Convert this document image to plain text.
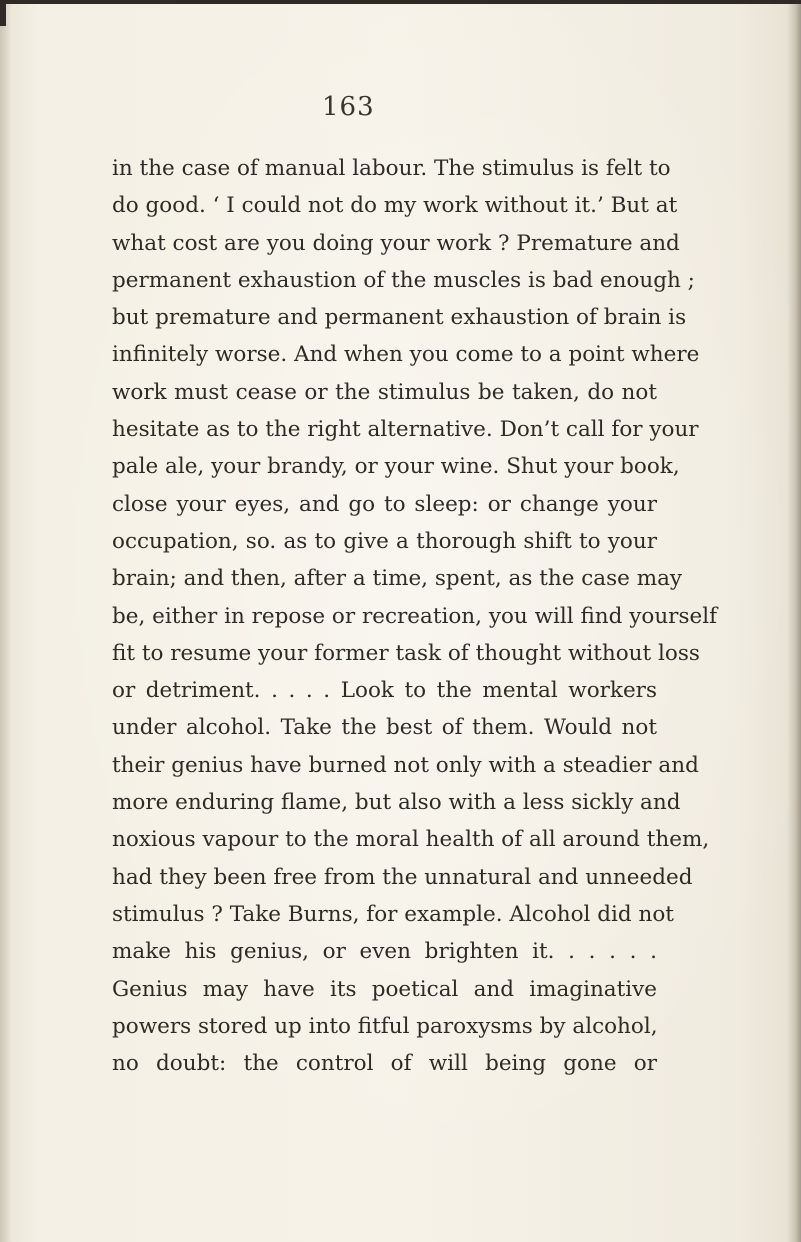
163
in the case of manual labour. The stimulus is felt to
do good. ‘ I could not do my work without it.’ But at
what cost are you doing your work ? Premature and
permanent exhaustion of the muscles is bad enough ;
but premature and permanent exhaustion of brain is
infinitely worse. And when you come to a point where
work must cease or the stimulus be taken, do not
hesitate as to the right alternative. Don’t call for your
pale ale, your brandy, or your wine. Shut your book,
close your eyes, and go to sleep: or change your
occupation, so. as to give a thorough shift to your
brain; and then, after a time, spent, as the case may
be, either in repose or recreation, you will find yourself
fit to resume your former task of thought without loss
or detriment. . . . . Look to the mental workers
under alcohol. Take the best of them. Would not
their genius have burned not only with a steadier and
more enduring flame, but also with a less sickly and
noxious vapour to the moral health of all around them,
had they been free from the unnatural and unneeded
stimulus ? Take Burns, for example. Alcohol did not
make his genius, or even brighten it. . . . . .
Genius may have its poetical and imaginative
powers stored up into fitful paroxysms by alcohol,
no doubt: the control of will being gone or
